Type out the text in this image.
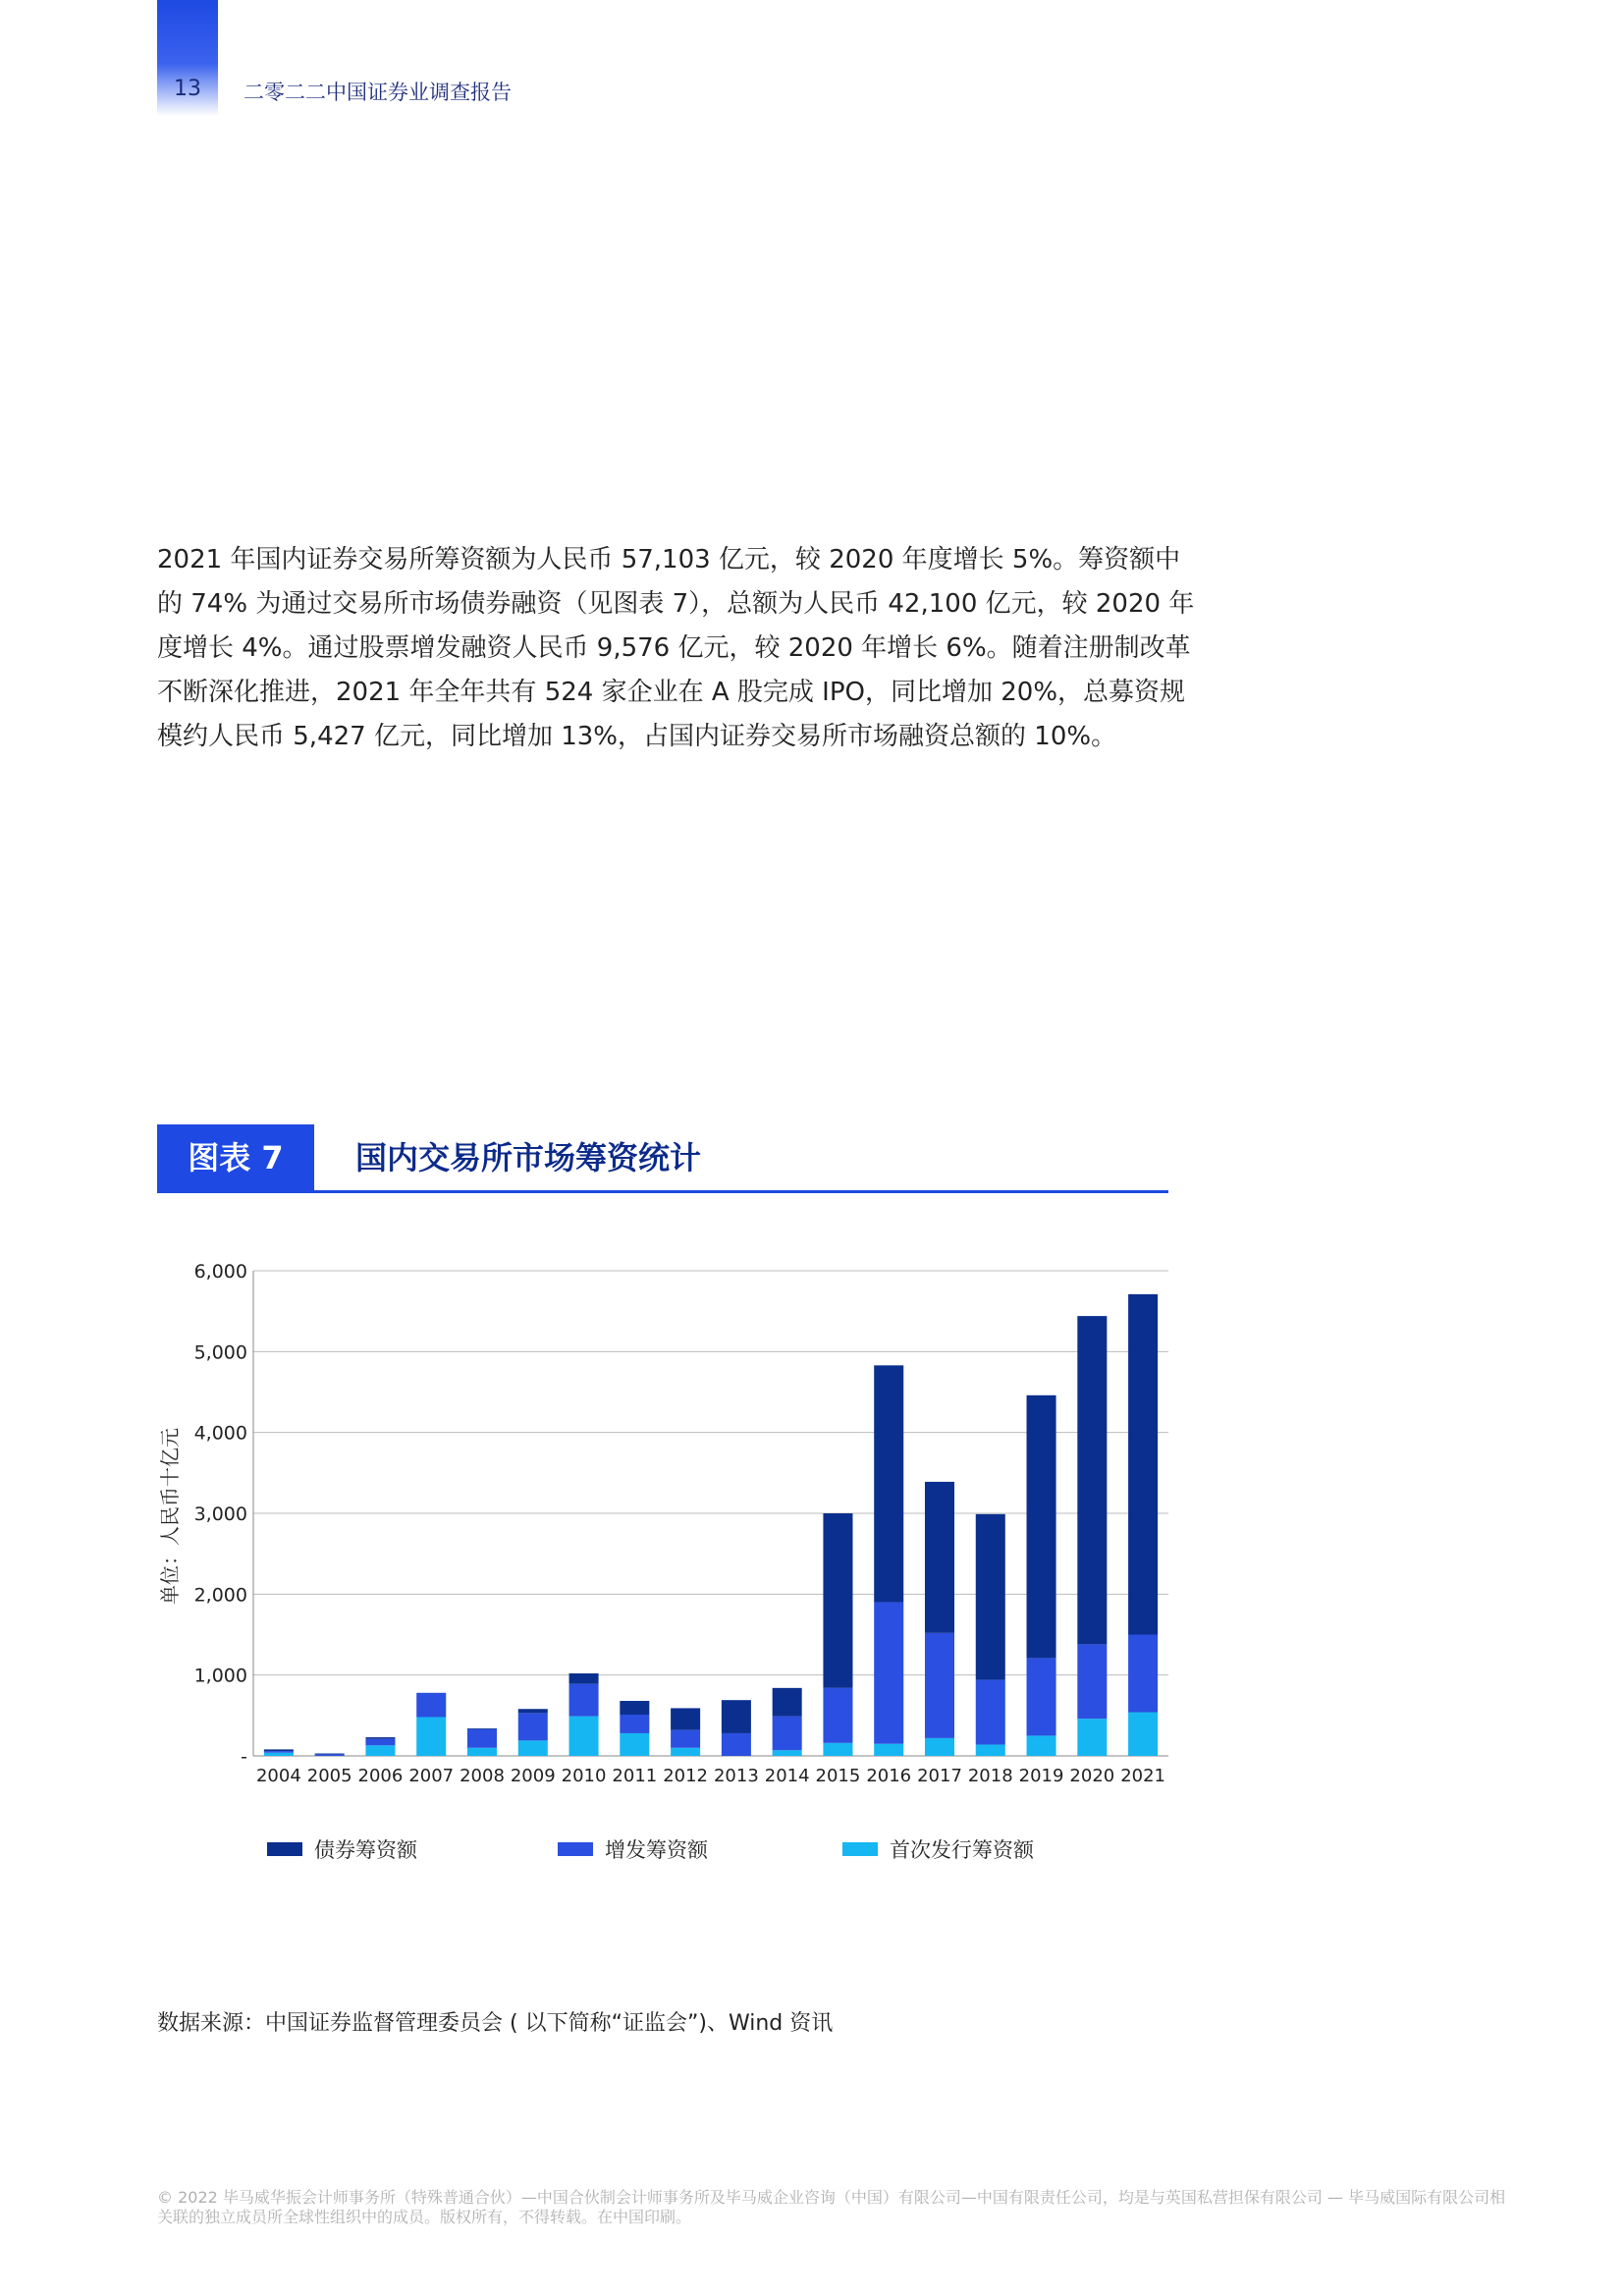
13	二零二二中国证券业调查报告

2021 年国内证券交易所筹资额为人民币 57,103 亿元，较 2020 年度增长 5%。筹资额中的 74% 为通过交易所市场债券融资（见图表 7），总额为人民币 42,100 亿元，较 2020 年度增长 4%。通过股票增发融资人民币 9,576 亿元，较 2020 年增长 6%。随着注册制改革不断深化推进，2021 年全年共有 524 家企业在 A 股完成 IPO，同比增加 20%，总募资规模约人民币 5,427 亿元，同比增加 13%，占国内证券交易所市场融资总额的 10%。

图表 7	国内交易所市场筹资统计
-
1,000
2,000
3,000
4,000
5,000
6,000
单位：人民币十亿元
2004 2005 2006 2007 2008 2009 2010 2011 2012 2013 2014 2015 2016 2017 2018 2019 2020 2021
债券筹资额	增发筹资额	首次发行筹资额
数据来源：中国证券监督管理委员会 ( 以下简称“证监会”)、Wind 资讯

© 2022 毕马威华振会计师事务所（特殊普通合伙）—中国合伙制会计师事务所及毕马威企业咨询（中国）有限公司—中国有限责任公司，均是与英国私营担保有限公司 — 毕马威国际有限公司相关联的独立成员所全球性组织中的成员。版权所有，不得转载。在中国印刷。
